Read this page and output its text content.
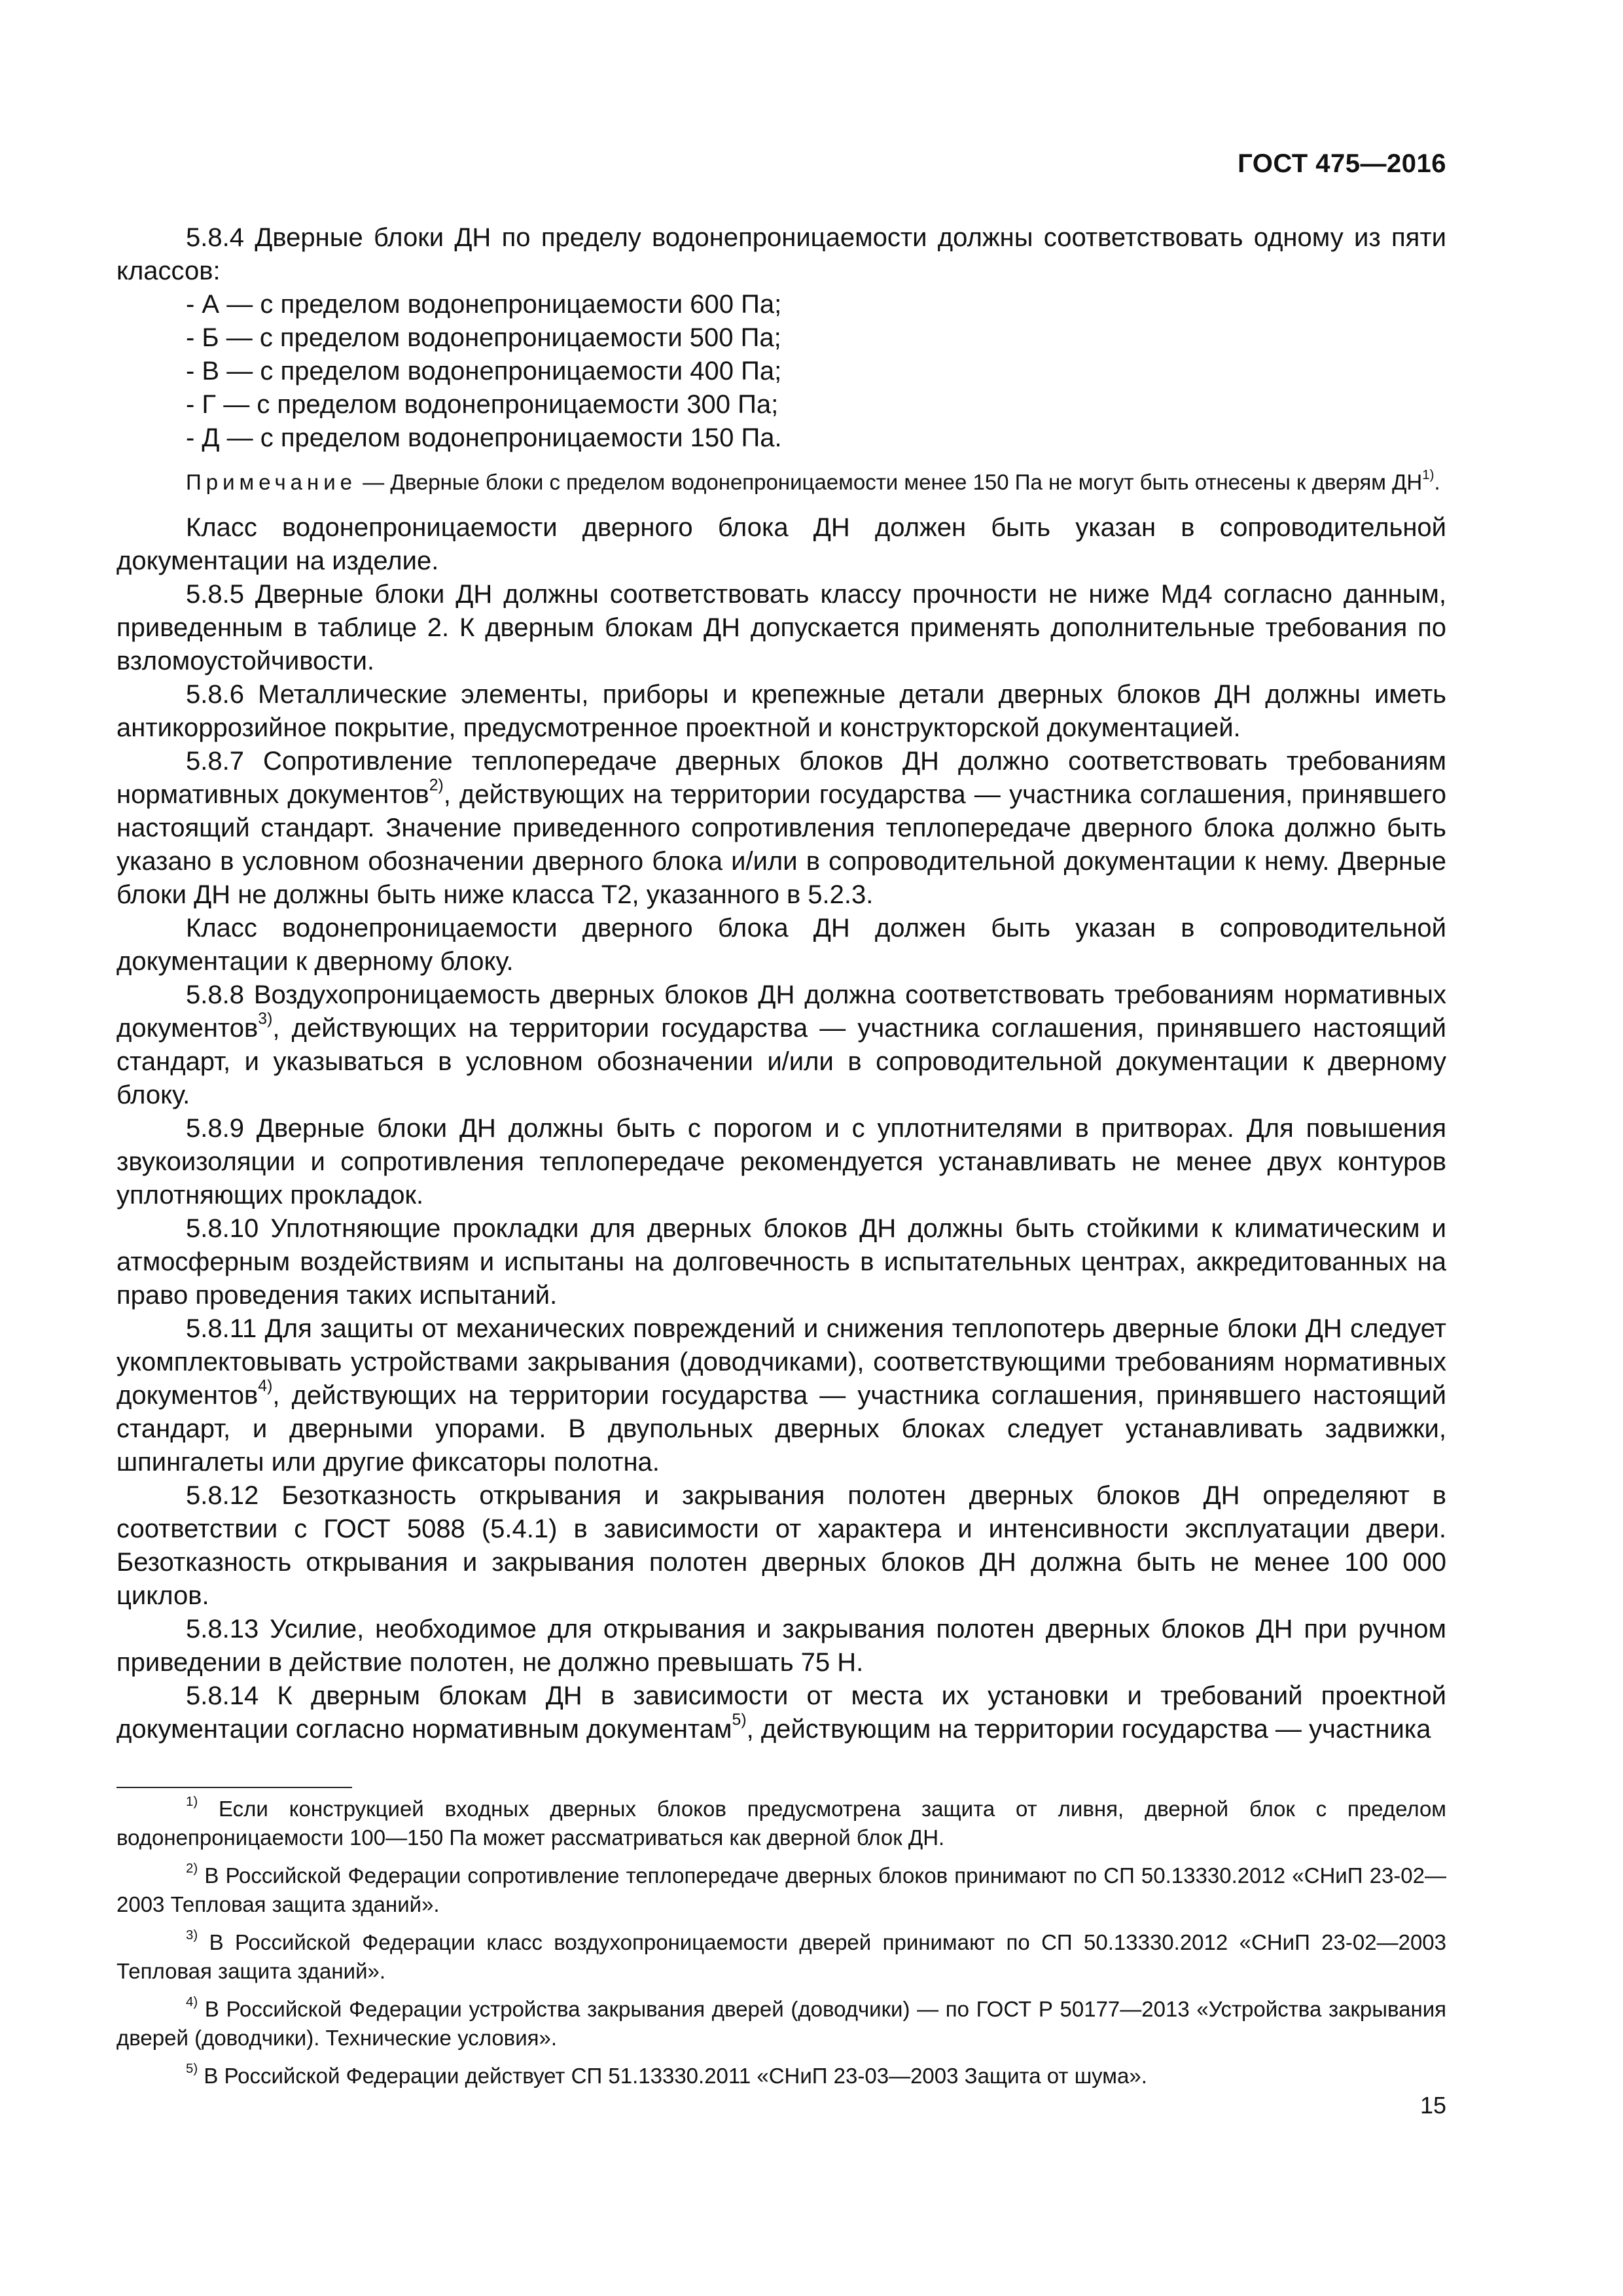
ГОСТ 475—2016

5.8.4 Дверные блоки ДН по пределу водонепроницаемости должны соответствовать одному из пяти классов:

- А — с пределом водонепроницаемости 600 Па;
- Б — с пределом водонепроницаемости 500 Па;
- В — с пределом водонепроницаемости 400 Па;
- Г — с пределом водонепроницаемости 300 Па;
- Д — с пределом водонепроницаемости 150 Па.

Примечание — Дверные блоки с пределом водонепроницаемости менее 150 Па не могут быть отнесены к дверям ДН$^{1)}$.

Класс водонепроницаемости дверного блока ДН должен быть указан в сопроводительной документации на изделие.

5.8.5 Дверные блоки ДН должны соответствовать классу прочности не ниже Мд4 согласно данным, приведенным в таблице 2. К дверным блокам ДН допускается применять дополнительные требования по взломоустойчивости.

5.8.6 Металлические элементы, приборы и крепежные детали дверных блоков ДН должны иметь антикоррозийное покрытие, предусмотренное проектной и конструкторской документацией.

5.8.7 Сопротивление теплопередаче дверных блоков ДН должно соответствовать требованиям нормативных документов$^{2)}$, действующих на территории государства — участника соглашения, принявшего настоящий стандарт. Значение приведенного сопротивления теплопередаче дверного блока должно быть указано в условном обозначении дверного блока и/или в сопроводительной документации к нему. Дверные блоки ДН не должны быть ниже класса Т2, указанного в 5.2.3.

Класс водонепроницаемости дверного блока ДН должен быть указан в сопроводительной документации к дверному блоку.

5.8.8 Воздухопроницаемость дверных блоков ДН должна соответствовать требованиям нормативных документов$^{3)}$, действующих на территории государства — участника соглашения, принявшего настоящий стандарт, и указываться в условном обозначении и/или в сопроводительной документации к дверному блоку.

5.8.9 Дверные блоки ДН должны быть с порогом и с уплотнителями в притворах. Для повышения звукоизоляции и сопротивления теплопередаче рекомендуется устанавливать не менее двух контуров уплотняющих прокладок.

5.8.10 Уплотняющие прокладки для дверных блоков ДН должны быть стойкими к климатическим и атмосферным воздействиям и испытаны на долговечность в испытательных центрах, аккредитованных на право проведения таких испытаний.

5.8.11 Для защиты от механических повреждений и снижения теплопотерь дверные блоки ДН следует укомплектовывать устройствами закрывания (доводчиками), соответствующими требованиям нормативных документов$^{4)}$, действующих на территории государства — участника соглашения, принявшего настоящий стандарт, и дверными упорами. В двупольных дверных блоках следует устанавливать задвижки, шпингалеты или другие фиксаторы полотна.

5.8.12 Безотказность открывания и закрывания полотен дверных блоков ДН определяют в соответствии с ГОСТ 5088 (5.4.1) в зависимости от характера и интенсивности эксплуатации двери. Безотказность открывания и закрывания полотен дверных блоков ДН должна быть не менее 100 000 циклов.

5.8.13 Усилие, необходимое для открывания и закрывания полотен дверных блоков ДН при ручном приведении в действие полотен, не должно превышать 75 Н.

5.8.14 К дверным блокам ДН в зависимости от места их установки и требований проектной документации согласно нормативным документам$^{5)}$, действующим на территории государства — участника

$^{1)}$ Если конструкцией входных дверных блоков предусмотрена защита от ливня, дверной блок с пределом водонепроницаемости 100—150 Па может рассматриваться как дверной блок ДН.

$^{2)}$ В Российской Федерации сопротивление теплопередаче дверных блоков принимают по СП 50.13330.2012 «СНиП 23-02—2003 Тепловая защита зданий».

$^{3)}$ В Российской Федерации класс воздухопроницаемости дверей принимают по СП 50.13330.2012 «СНиП 23-02—2003 Тепловая защита зданий».

$^{4)}$ В Российской Федерации устройства закрывания дверей (доводчики) — по ГОСТ Р 50177—2013 «Устройства закрывания дверей (доводчики). Технические условия».

$^{5)}$ В Российской Федерации действует СП 51.13330.2011 «СНиП 23-03—2003 Защита от шума».

15
